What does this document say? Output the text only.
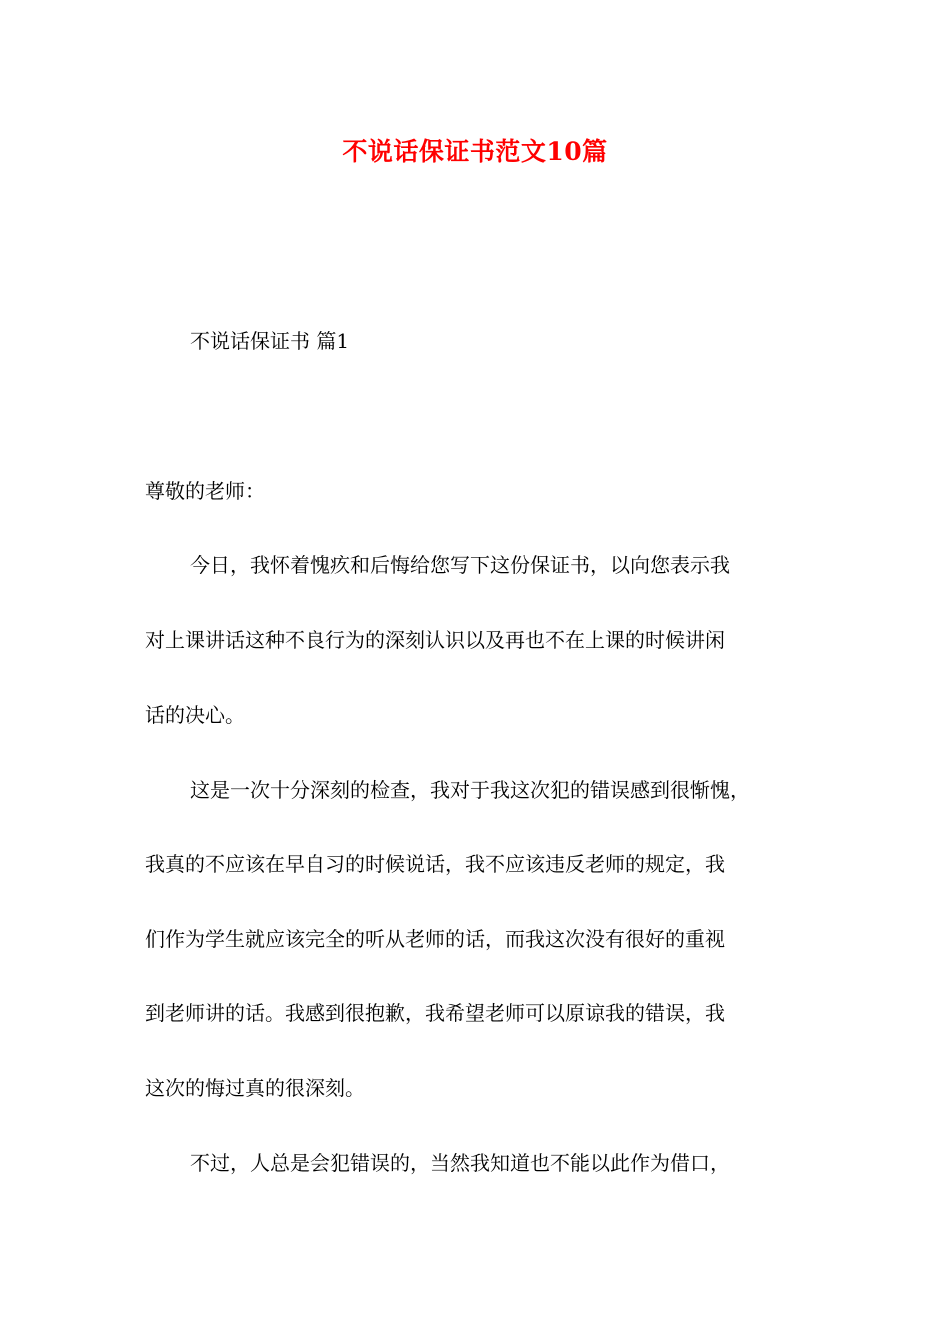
不说话保证书范文10篇
不说话保证书 篇1
尊敬的老师：
今日，我怀着愧疚和后悔给您写下这份保证书，以向您表示我
对上课讲话这种不良行为的深刻认识以及再也不在上课的时候讲闲
话的决心。
这是一次十分深刻的检查，我对于我这次犯的错误感到很惭愧，
我真的不应该在早自习的时候说话，我不应该违反老师的规定，我
们作为学生就应该完全的听从老师的话，而我这次没有很好的重视
到老师讲的话。我感到很抱歉，我希望老师可以原谅我的错误，我
这次的悔过真的很深刻。
不过，人总是会犯错误的，当然我知道也不能以此作为借口，
